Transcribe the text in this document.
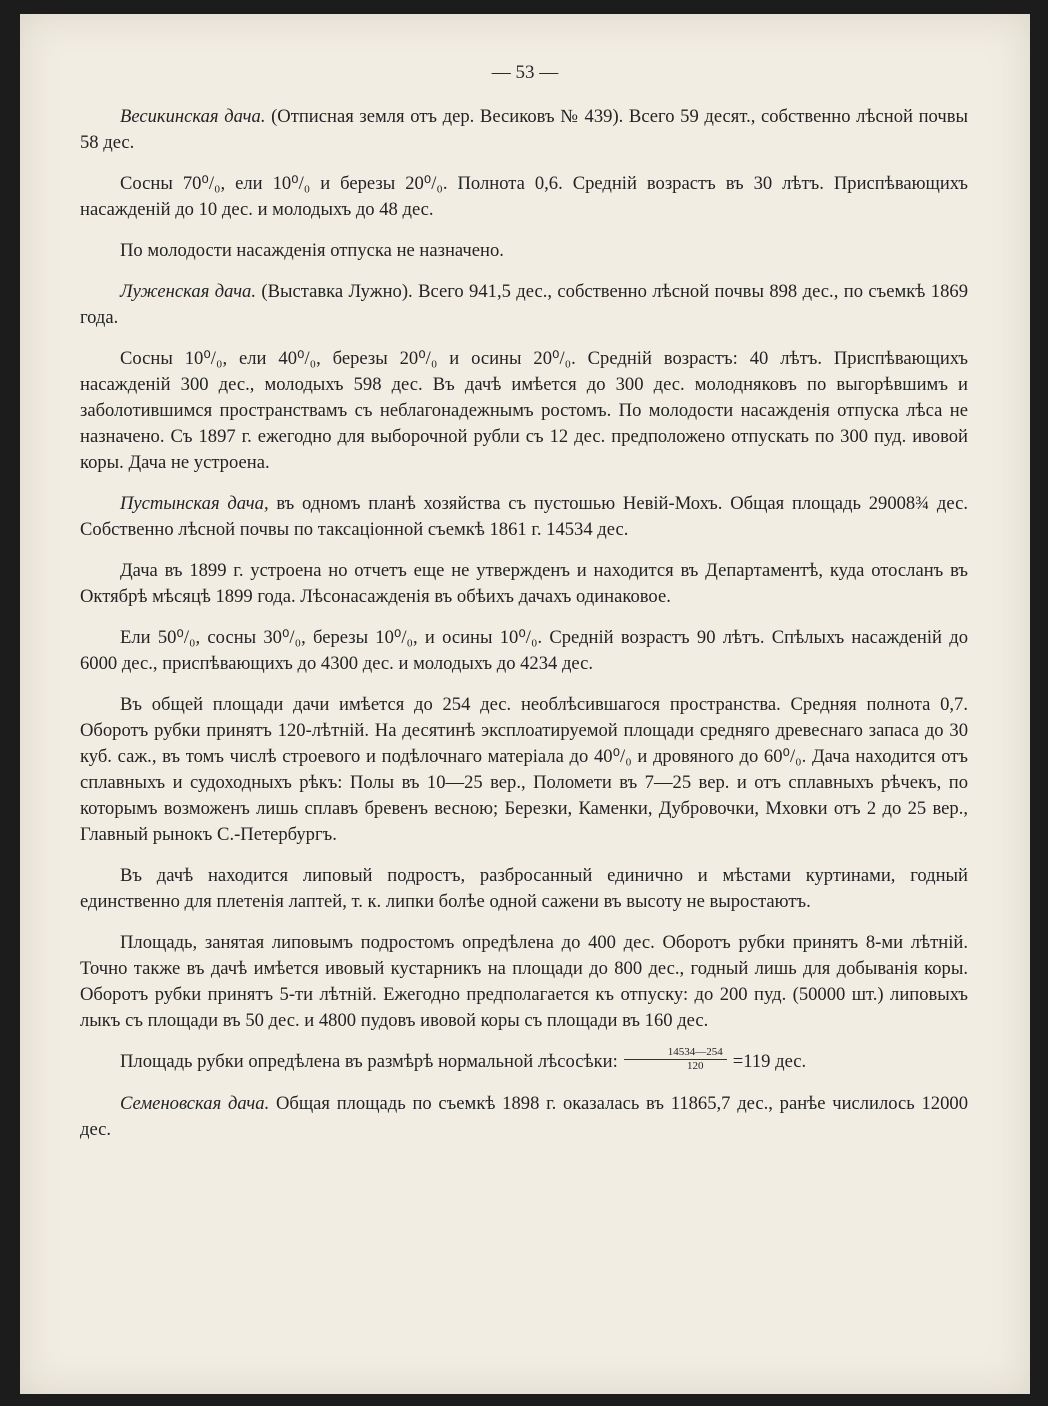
— 53 —

Весикинская дача. (Отписная земля отъ дер. Весиковъ № 439). Всего 59 десят., собственно лѣсной почвы 58 дес.

Сосны 70⁰/₀, ели 10⁰/₀ и березы 20⁰/₀. Полнота 0,6. Средній возрастъ въ 30 лѣтъ. Приспѣвающихъ насажденій до 10 дес. и молодыхъ до 48 дес.

По молодости насажденія отпуска не назначено.

Луженская дача. (Выставка Лужно). Всего 941,5 дес., собственно лѣсной почвы 898 дес., по съемкѣ 1869 года.

Сосны 10⁰/₀, ели 40⁰/₀, березы 20⁰/₀ и осины 20⁰/₀. Средній возрастъ: 40 лѣтъ. Приспѣвающихъ насажденій 300 дес., молодыхъ 598 дес. Въ дачѣ имѣется до 300 дес. молодняковъ по выгорѣвшимъ и заболотившимся пространствамъ съ неблагонадежнымъ ростомъ. По молодости насажденія отпуска лѣса не назначено. Съ 1897 г. ежегодно для выборочной рубли съ 12 дес. предположено отпускать по 300 пуд. ивовой коры. Дача не устроена.

Пустынская дача, въ одномъ планѣ хозяйства съ пустошью Невій-Мохъ. Общая площадь 29008¾ дес. Собственно лѣсной почвы по таксаціонной съемкѣ 1861 г. 14534 дес.

Дача въ 1899 г. устроена но отчетъ еще не утвержденъ и находится въ Департаментѣ, куда отосланъ въ Октябрѣ мѣсяцѣ 1899 года. Лѣсонасажденія въ обѣихъ дачахъ одинаковое.

Ели 50⁰/₀, сосны 30⁰/₀, березы 10⁰/₀, и осины 10⁰/₀. Средній возрастъ 90 лѣтъ. Спѣлыхъ насажденій до 6000 дес., приспѣвающихъ до 4300 дес. и молодыхъ до 4234 дес.

Въ общей площади дачи имѣется до 254 дес. необлѣсившагося пространства. Средняя полнота 0,7. Оборотъ рубки принятъ 120-лѣтній. На десятинѣ эксплоатируемой площади средняго древеснаго запаса до 30 куб. саж., въ томъ числѣ строевого и подѣлочнаго матеріала до 40⁰/₀ и дровяного до 60⁰/₀. Дача находится отъ сплавныхъ и судоходныхъ рѣкъ: Полы въ 10—25 вер., Поломети въ 7—25 вер. и отъ сплавныхъ рѣчекъ, по которымъ возможенъ лишь сплавъ бревенъ весною; Березки, Каменки, Дубровочки, Мховки отъ 2 до 25 вер., Главный рынокъ С.-Петербургъ.

Въ дачѣ находится липовый подростъ, разбросанный единично и мѣстами куртинами, годный единственно для плетенія лаптей, т. к. липки болѣе одной сажени въ высоту не выростаютъ.

Площадь, занятая липовымъ подростомъ опредѣлена до 400 дес. Оборотъ рубки принятъ 8-ми лѣтній. Точно также въ дачѣ имѣется ивовый кустарникъ на площади до 800 дес., годный лишь для добыванія коры. Оборотъ рубки принятъ 5-ти лѣтній. Ежегодно предполагается къ отпуску: до 200 пуд. (50000 шт.) липовыхъ лыкъ съ площади въ 50 дес. и 4800 пудовъ ивовой коры съ площади въ 160 дес.

Площадь рубки опредѣлена въ размѣрѣ нормальной лѣсосѣки: $\frac{14534—254}{120} =119$ дес.

Семеновская дача. Общая площадь по съемкѣ 1898 г. оказалась въ 11865,7 дес., ранѣе числилось 12000 дес.
